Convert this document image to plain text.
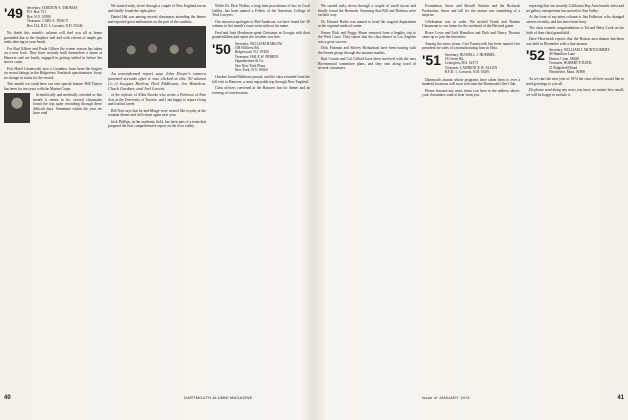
'49 Secretary, GORDON A. THOMAS
P.O. Box 731
Rye, N.Y. 10580
Treasurer, CARL S. TRACY
Box 124, R.D. 1, Laconia, N.H. 03246

No doubt this month's column will find you all at home grounded due to the fireplace fuel and with visions of ample gas tanks dancing in your heads.

For Bud Gilbert and Paula Gilbert the winter season has taken on a new look. They have recently built themselves a home at Hanover and are busily engaged in getting settled in before the snows come.

Fort Hoeft Grunewald, now a Grandma, have been the longest on recent listings in the Ridgeview Yearbook questionnaire. Sorry no change in status for the record.

This month we could have our own special feature: Bill Thayer has been for ten years with the Marine Corps.

Scientifically and medically oriented as this month it seems to be, several classmates found the trip quite rewarding through these difficult days. Sometime within the year we have read

We started early, drove through a couple of New England towns and finally found the right place.

Daniel Hal was among several classmates attending the dinner and reported great enthusiasm on the part of the students.

An unconfirmed report says John Dwyer's camera jammed seconds after it was clicked at this '50 alumni ('o r) Jacques Harlow, Dick Eddleston, Joe Hazelton, Chuck Gardner, and Joel Leavitt.

of the stylistic of Allen Brooks who writes a Professor of Fine Arts at the University of Toronto, and I am happy to report a long and fruitful career.

Bill Nott says that he and Marge were treated like royalty at the reunion dinner and will return again next year.

Jack Phillips, in the academic field, has been part of a team that prepared the first comprehensive report on the river valley.

While Dr. Dick Walker, a long-time practitioner of law in Coral Gables, has been named a Fellow of the American College of Trial Lawyers.

Our sincerest apologies to Red Anderson, we have found the '49 column in last month's issue went without his name.

Fred and Judy Hershman spent Christmas in Georgia with their grandchildren and report the weather was fine.

'50 Secretary, WILLIAM HARLOW
108 Hillcrest Rd.
Ridgewood, N.J. 07450
Treasurer, HALE W. PERRIN
Oppenheimer & Co.
One New York Plaza
New York, N.Y. 10004

October found Maltbone passed, and the class returned from the fall visit to Hanover, a most enjoyable trip through New England.

Class officers convened at the Hanover Inn for dinner and an evening of conversation.

40	DARTMOUTH ALUMNI MAGAZINE

We started early, drove through a couple of small towns and finally found the Bernards. Knowing that Bill and Barbara were on their way.

Dr. Edward Burke was named to head the surgical department at the regional medical center.

Kenny Rich and Peggy Shane returned from a lengthy trip to the West Coast. They report that the class dinner in Los Angeles was a great success.

Dick Fishman and Shirley Richardson have been touring with the theater group through the autumn months.

Bud Cronin and Cal Gifford have been involved with the new Bicentennial committee plans, and they sent along word of several classmates.

Foundation. Snow and Sherrill Sinclair and the Richards Production. Snow and fall for the season was something of a surprise.

Celebration was in order. We invited Frank and Bonnie Glassmann to our home for the weekend of the Harvard game.

Bruce Lowe and Jack Hamilton and Dick and Nancy Thomas came up to join the festivities.

Among the news items: Carl Farnsworth has been named vice president for sales of a manufacturing firm in Ohio.

'51 Secretary, RUSSELL J. HUMMEL
18 Green Rd.
Lexington, MA. 02173
Treasurer, LAWRENCE W. ALLEN
R.F.D. 1, Concord, N.H. 03301

Dartmouth alumni whose programs have taken them to over a hundred locations will soon welcome the Dartmouth Glee Club.

Please forward any news items you have to the address above; your classmates want to hear from you.

reporting that our recently California Bay Area branch artist and art gallery entrepreneur has moved to Sun Valley.

At the front of my notes column is Jim Fullerton, who changed careers recently, and has since been busy.

The class extends congratulations to Ed and Betty Cook on the birth of their third grandchild.

Dave Haverstick reports that the Boston area alumni luncheon was held in December with a fine turnout.

'52 Secretary, WILLIAM J. MONTGOMERY
40 Hamilton Lane
Darien, Conn. 06820
Treasurer, ROBERT P. RUHL
21 Ridgefield Road
Winchester, Mass. 01890

As we start the new year of 1974 the class officers would like to send greetings to you all.

Do please send along any news you have, no matter how small; we will be happy to include it.

Issue of JANUARY 1974	41
